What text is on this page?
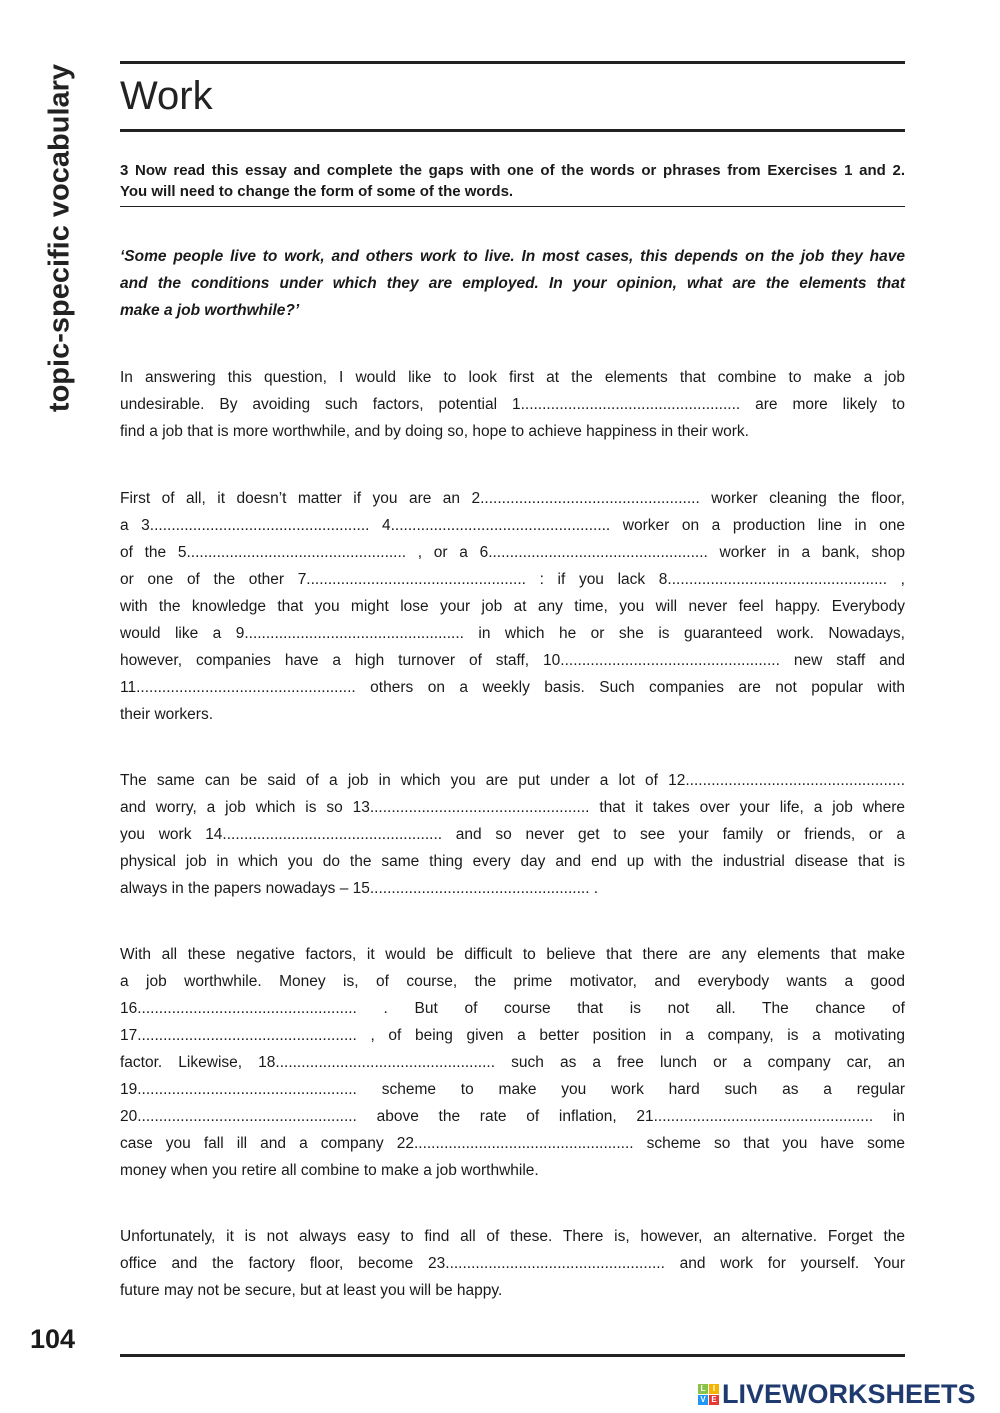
topic-specific vocabulary Work
3 Now read this essay and complete the gaps with one of the words or phrases from Exercises 1 and 2.
You will need to change the form of some of the words.
‘Some people live to work, and others work to live. In most cases, this depends on the job they have
and the conditions under which they are employed. In your opinion, what are the elements that
make a job worthwhile?’
In answering this question, I would like to look first at the elements that combine to make a job
undesirable. By avoiding such factors, potential 1................................................... are more likely to
find a job that is more worthwhile, and by doing so, hope to achieve happiness in their work.
First of all, it doesn’t matter if you are an 2................................................... worker cleaning the floor,
a 3................................................... 4................................................... worker on a production line in one
of the 5................................................... , or a 6................................................... worker in a bank, shop
or one of the other 7................................................... : if you lack 8................................................... ,
with the knowledge that you might lose your job at any time, you will never feel happy. Everybody
would like a 9................................................... in which he or she is guaranteed work. Nowadays,
however, companies have a high turnover of staff, 10................................................... new staff and
11................................................... others on a weekly basis. Such companies are not popular with
their workers.
The same can be said of a job in which you are put under a lot of 12...................................................
and worry, a job which is so 13................................................... that it takes over your life, a job where
you work 14................................................... and so never get to see your family or friends, or a
physical job in which you do the same thing every day and end up with the industrial disease that is
always in the papers nowadays – 15................................................... .
With all these negative factors, it would be difficult to believe that there are any elements that make
a job worthwhile. Money is, of course, the prime motivator, and everybody wants a good
16................................................... . But of course that is not all. The chance of
17................................................... , of being given a better position in a company, is a motivating
factor. Likewise, 18................................................... such as a free lunch or a company car, an
19................................................... scheme to make you work hard such as a regular
20................................................... above the rate of inflation, 21................................................... in
case you fall ill and a company 22................................................... scheme so that you have some
money when you retire all combine to make a job worthwhile.
Unfortunately, it is not always easy to find all of these. There is, however, an alternative. Forget the
office and the factory floor, become 23................................................... and work for yourself. Your
future may not be secure, but at least you will be happy.
104
L I
V E LIVEWORKSHEETS
